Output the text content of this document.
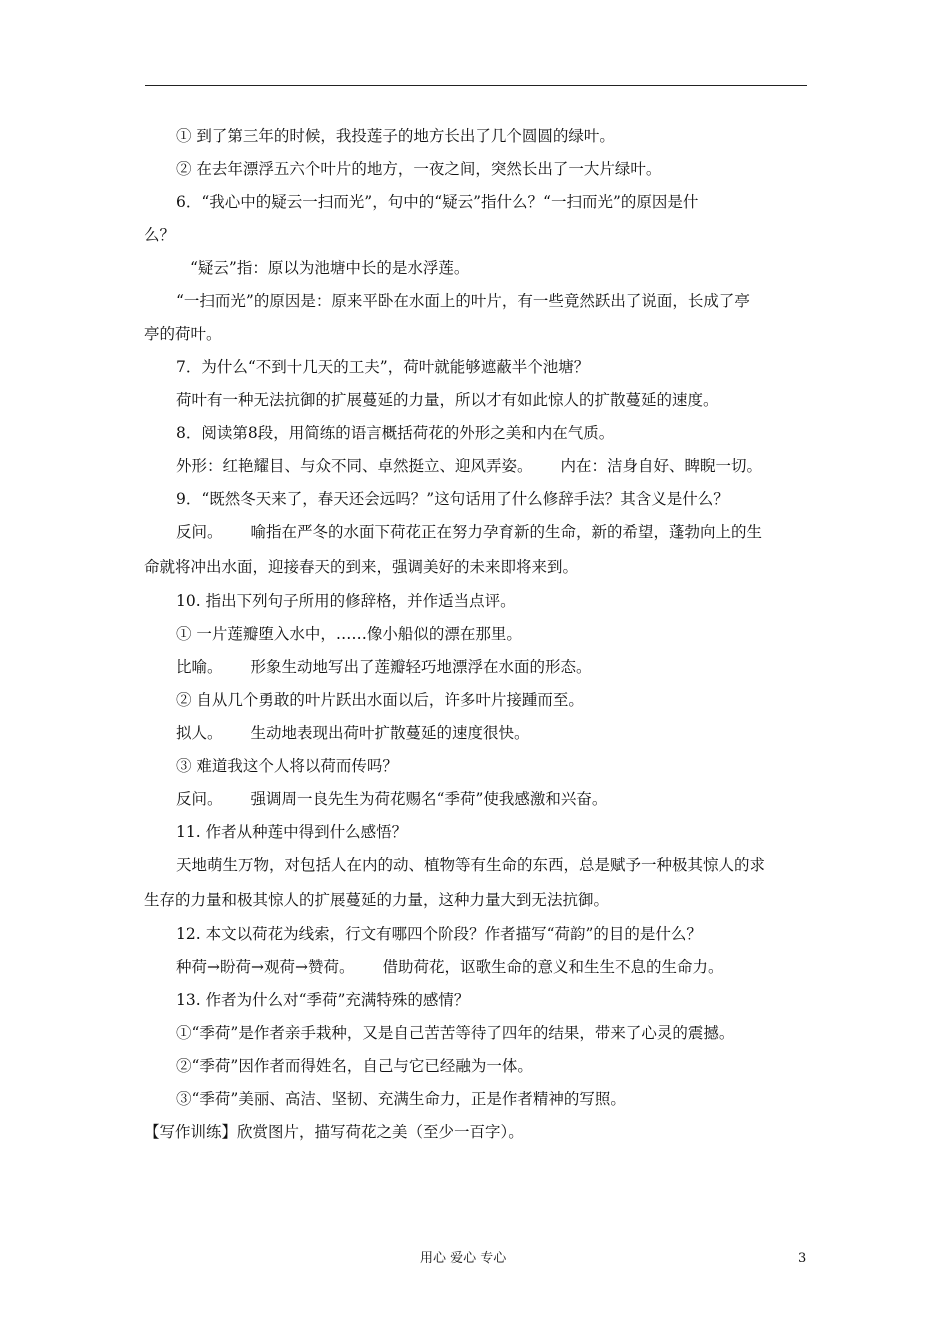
① 到了第三年的时候，我投莲子的地方长出了几个圆圆的绿叶。
② 在去年漂浮五六个叶片的地方，一夜之间，突然长出了一大片绿叶。
6．“我心中的疑云一扫而光”，句中的“疑云”指什么？“一扫而光”的原因是什
么？
“疑云”指：原以为池塘中长的是水浮莲。
“一扫而光”的原因是：原来平卧在水面上的叶片，有一些竟然跃出了说面，长成了亭
亭的荷叶。
7．为什么“不到十几天的工夫”，荷叶就能够遮蔽半个池塘？
荷叶有一种无法抗御的扩展蔓延的力量，所以才有如此惊人的扩散蔓延的速度。
8．阅读第8段，用简练的语言概括荷花的外形之美和内在气质。
外形：红艳耀目、与众不同、卓然挺立、迎风弄姿。 内在：洁身自好、睥睨一切。
9．“既然冬天来了，春天还会远吗？”这句话用了什么修辞手法？其含义是什么？
反问。 喻指在严冬的水面下荷花正在努力孕育新的生命，新的希望，蓬勃向上的生
命就将冲出水面，迎接春天的到来，强调美好的未来即将来到。
10. 指出下列句子所用的修辞格，并作适当点评。
① 一片莲瓣堕入水中，……像小船似的漂在那里。
比喻。 形象生动地写出了莲瓣轻巧地漂浮在水面的形态。
② 自从几个勇敢的叶片跃出水面以后，许多叶片接踵而至。
拟人。 生动地表现出荷叶扩散蔓延的速度很快。
③ 难道我这个人将以荷而传吗？
反问。 强调周一良先生为荷花赐名“季荷”使我感激和兴奋。
11. 作者从种莲中得到什么感悟？
天地萌生万物，对包括人在内的动、植物等有生命的东西，总是赋予一种极其惊人的求
生存的力量和极其惊人的扩展蔓延的力量，这种力量大到无法抗御。
12. 本文以荷花为线索，行文有哪四个阶段？作者描写“荷韵”的目的是什么？
种荷→盼荷→观荷→赞荷。 借助荷花，讴歌生命的意义和生生不息的生命力。
13. 作者为什么对“季荷”充满特殊的感情？
①“季荷”是作者亲手栽种，又是自己苦苦等待了四年的结果，带来了心灵的震撼。
②“季荷”因作者而得姓名，自己与它已经融为一体。
③“季荷”美丽、高洁、坚韧、充满生命力，正是作者精神的写照。
【写作训练】欣赏图片，描写荷花之美（至少一百字）。
用心 爱心 专心	3
